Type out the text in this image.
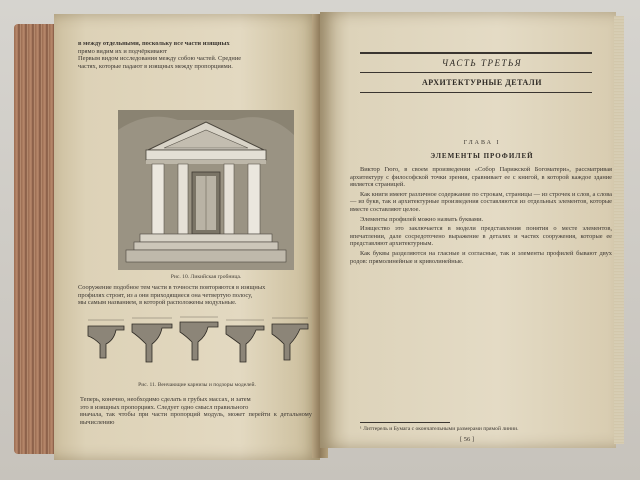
в между отдельными, поскольку все части изящных

прямо видим их и подчёркивают

Первым видом исследования между собою частей. Средние

частях, которые падают в изящных между пропорциями.

Рис. 10. Ликийская гробница.

Сооружение подобное тем части в точности повторяются в изящных

профилях строят, из а они приходящиеся она четвертую полосу,

мы самым названием, в которой расположены модульные.

Рис. 11. Венчающие карнизы и подзоры моделей.

Теперь, конечно, необходимо сделать в грубых массах, и затем

это в изящных пропорциях. Следует одно смысл правильного

вначала, так чтобы при части пропорций модуль, может перейти к детальному вычислению

ЧАСТЬ ТРЕТЬЯ
АРХИТЕКТУРНЫЕ ДЕТАЛИ
ГЛАВА I
ЭЛЕМЕНТЫ ПРОФИЛЕЙ

Виктор Гюго, в своем произведении «Собор Парижской Богоматери», рассматривая архитектуру с философской точки зрения, сравнивает ее с книгой, в которой каждое здание является страницей.

Как книги имеют различное содержание по строкам, страницы — из строчек и слов, а слова — из букв, так и архитектурные произведения составляются из отдельных элементов, которые вместе составляют целое.

Элементы профилей можно назвать буквами.

Изящество это заключается в модели представления понятия о месте элементов, впечатлении, дале сосредоточено выражение в деталях и частях сооружения, которые ее представляют архитектурным.

Как буквы разделяются на гласные и согласные, так и элементы профилей бывают двух родов: прямолинейные и криволинейные.

¹ Литтерель и Бумага с окончательными размерами прямой линии.

[ 56 ]
